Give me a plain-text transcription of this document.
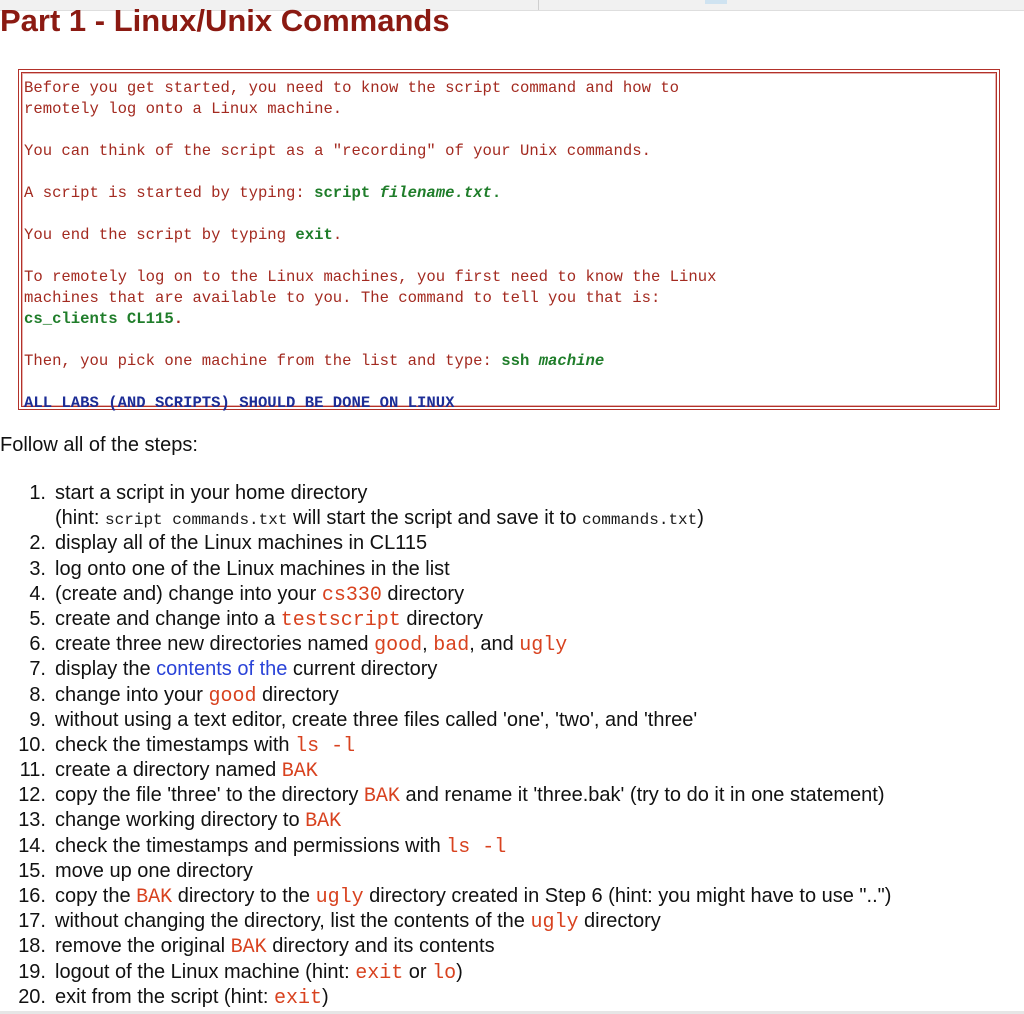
Part 1 - Linux/Unix Commands

Before you get started, you need to know the script command and how to

remotely log onto a Linux machine.

You can think of the script as a "recording" of your Unix commands.

A script is started by typing: script filename.txt.

You end the script by typing exit.

To remotely log on to the Linux machines, you first need to know the Linux

machines that are available to you. The command to tell you that is:

cs_clients CL115.

Then, you pick one machine from the list and type: ssh machine

ALL LABS (AND SCRIPTS) SHOULD BE DONE ON LINUX

Follow all of the steps:
1. start a script in your home directory
(hint: script commands.txt will start the script and save it to commands.txt)
2. display all of the Linux machines in CL115
3. log onto one of the Linux machines in the list
4. (create and) change into your cs330 directory
5. create and change into a testscript directory
6. create three new directories named good, bad, and ugly
7. display the contents of the current directory
8. change into your good directory
9. without using a text editor, create three files called 'one', 'two', and 'three'
10. check the timestamps with ls -l
11. create a directory named BAK
12. copy the file 'three' to the directory BAK and rename it 'three.bak' (try to do it in one statement)
13. change working directory to BAK
14. check the timestamps and permissions with ls -l
15. move up one directory
16. copy the BAK directory to the ugly directory created in Step 6 (hint: you might have to use "..")
17. without changing the directory, list the contents of the ugly directory
18. remove the original BAK directory and its contents
19. logout of the Linux machine (hint: exit or lo)
20. exit from the script (hint: exit)
